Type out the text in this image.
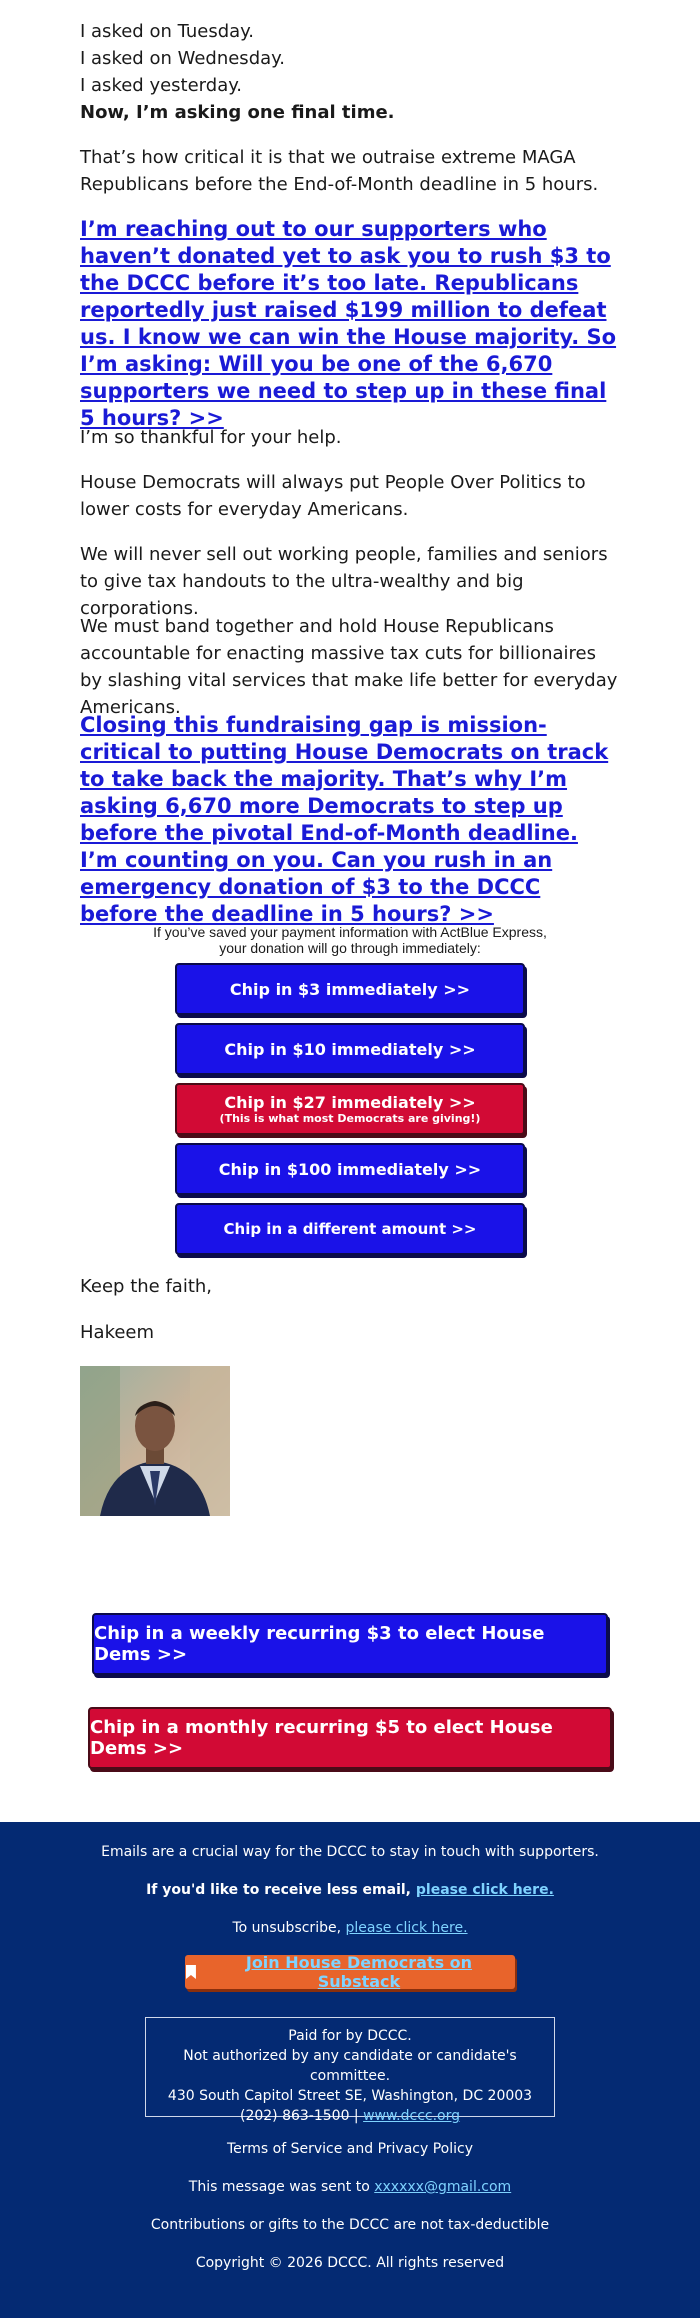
I asked on Tuesday.

I asked on Wednesday.

I asked yesterday.

Now, I’m asking one final time.

That’s how critical it is that we outraise extreme MAGA Republicans before the End-of-Month deadline in 5 hours.

I’m reaching out to our supporters who haven’t donated yet to ask you to rush $3 to the DCCC before it’s too late. Republicans reportedly just raised $199 million to defeat us. I know we can win the House majority. So I’m asking: Will you be one of the 6,670 supporters we need to step up in these final 5 hours? >>

I’m so thankful for your help.

House Democrats will always put People Over Politics to lower costs for everyday Americans.

We will never sell out working people, families and seniors to give tax handouts to the ultra-wealthy and big corporations.

We must band together and hold House Republicans accountable for enacting massive tax cuts for billionaires by slashing vital services that make life better for everyday Americans.

Closing this fundraising gap is mission-critical to putting House Democrats on track to take back the majority. That’s why I’m asking 6,670 more Democrats to step up before the pivotal End-of-Month deadline. I’m counting on you. Can you rush in an emergency donation of $3 to the DCCC before the deadline in 5 hours? >>
If you’ve saved your payment information with ActBlue Express,
your donation will go through immediately:
Chip in $3 immediately >>
Chip in $10 immediately >>
Chip in $27 immediately >>
(This is what most Democrats are giving!)
Chip in $100 immediately >>
Chip in a different amount >>
Keep the faith,
Hakeem
Chip in a weekly recurring $3 to elect House Dems >>
Chip in a monthly recurring $5 to elect House Dems >>
Emails are a crucial way for the DCCC to stay in touch with supporters.
If you'd like to receive less email, please click here.
To unsubscribe, please click here.
Join House Democrats on Substack
Paid for by DCCC.
Not authorized by any candidate or candidate's committee.
430 South Capitol Street SE, Washington, DC 20003
(202) 863-1500 | www.dccc.org
Terms of Service and Privacy Policy
This message was sent to xxxxxx@gmail.com
Contributions or gifts to the DCCC are not tax-deductible
Copyright © 2026 DCCC. All rights reserved
